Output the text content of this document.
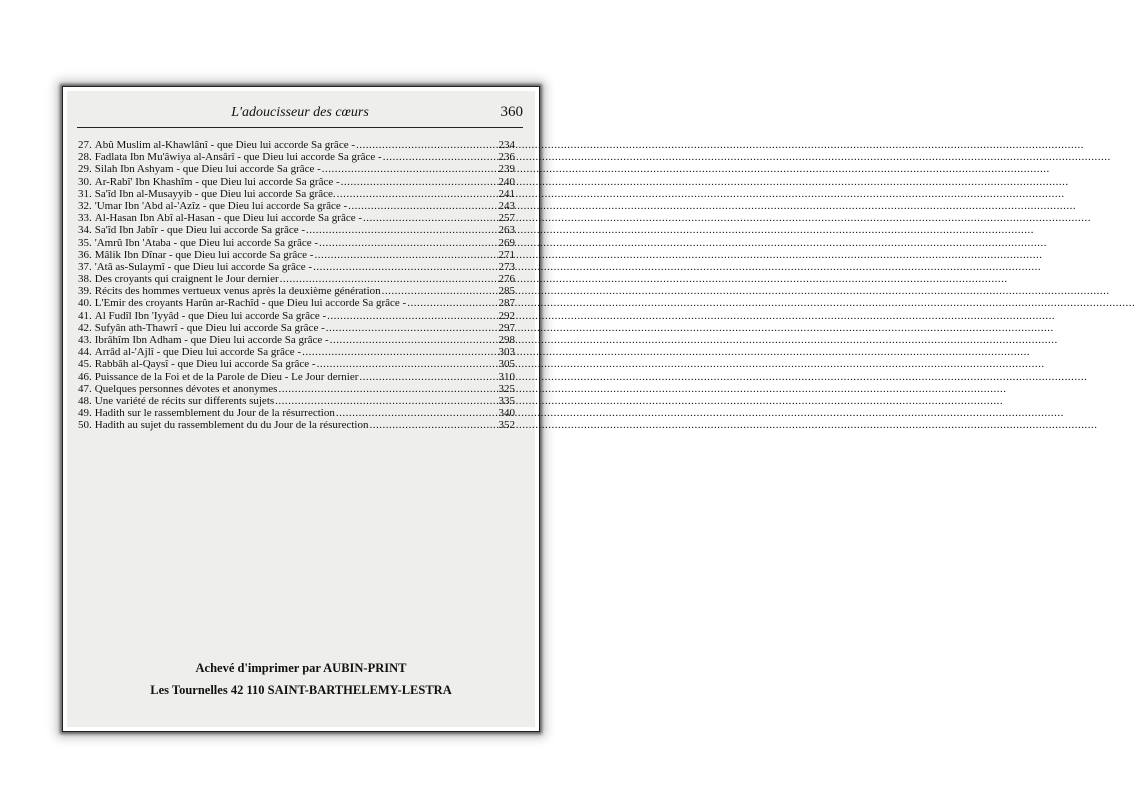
L'adoucisseur des cœurs	360
27. Abû Muslim al-Khawlânî - que Dieu lui accorde Sa grâce - .....	234
28. Fadlata Ibn Mu'âwiya al-Ansârî - que Dieu lui accorde Sa grâce - .....	236
29. Silah Ibn Ashyam - que Dieu lui accorde Sa grâce - .....	239
30. Ar-Rabî' Ibn Khashîm - que Dieu lui accorde Sa grâce - .....	240
31. Sa'îd Ibn al-Musayyib - que Dieu lui accorde Sa grâce. .....	241
32. 'Umar Ibn 'Abd al-'Azîz - que Dieu lui accorde Sa grâce - .....	243
33. Al-Hasan Ibn Abî al-Hasan - que Dieu lui accorde Sa grâce - .....	257
34. Sa'îd Ibn Jabîr - que Dieu lui accorde Sa grâce - .....	263
35. 'Amrû Ibn 'Ataba - que Dieu lui accorde Sa grâce - .....	269
36. Mâlik Ibn Dînar - que Dieu lui accorde Sa grâce - .....	271
37. 'Atâ as-Sulaymî - que Dieu lui accorde Sa grâce - .....	273
38. Des croyants qui craignent le Jour dernier .....	276
39. Récits des hommes vertueux venus après la deuxième génération .....	285
40. L'Emir des croyants Harûn ar-Rachîd - que Dieu lui accorde Sa grâce - .....	287
41. Al Fudîl Ibn 'Iyyâd - que Dieu lui accorde Sa grâce - .....	292
42. Sufyân ath-Thawrî - que Dieu lui accorde Sa grâce - .....	297
43. Ibrâhîm Ibn Adham - que Dieu lui accorde Sa grâce - .....	298
44. Arrâd al-'Ajlî - que Dieu lui accorde Sa grâce - .....	303
45. Rabbâh al-Qaysî - que Dieu lui accorde Sa grâce - .....	305
46. Puissance de la Foi et de la Parole de Dieu - Le Jour dernier .....	310
47. Quelques personnes dévotes et anonymes .....	325
48. Une variété de récits sur differents sujets .....	335
49. Hadith sur le rassemblement du Jour de la résurrection .....	340
50. Hadith au sujet du rassemblement du du Jour de la résurection .....	352
Achevé d'imprimer par AUBIN-PRINT
Les Tournelles 42 110 SAINT-BARTHELEMY-LESTRA
